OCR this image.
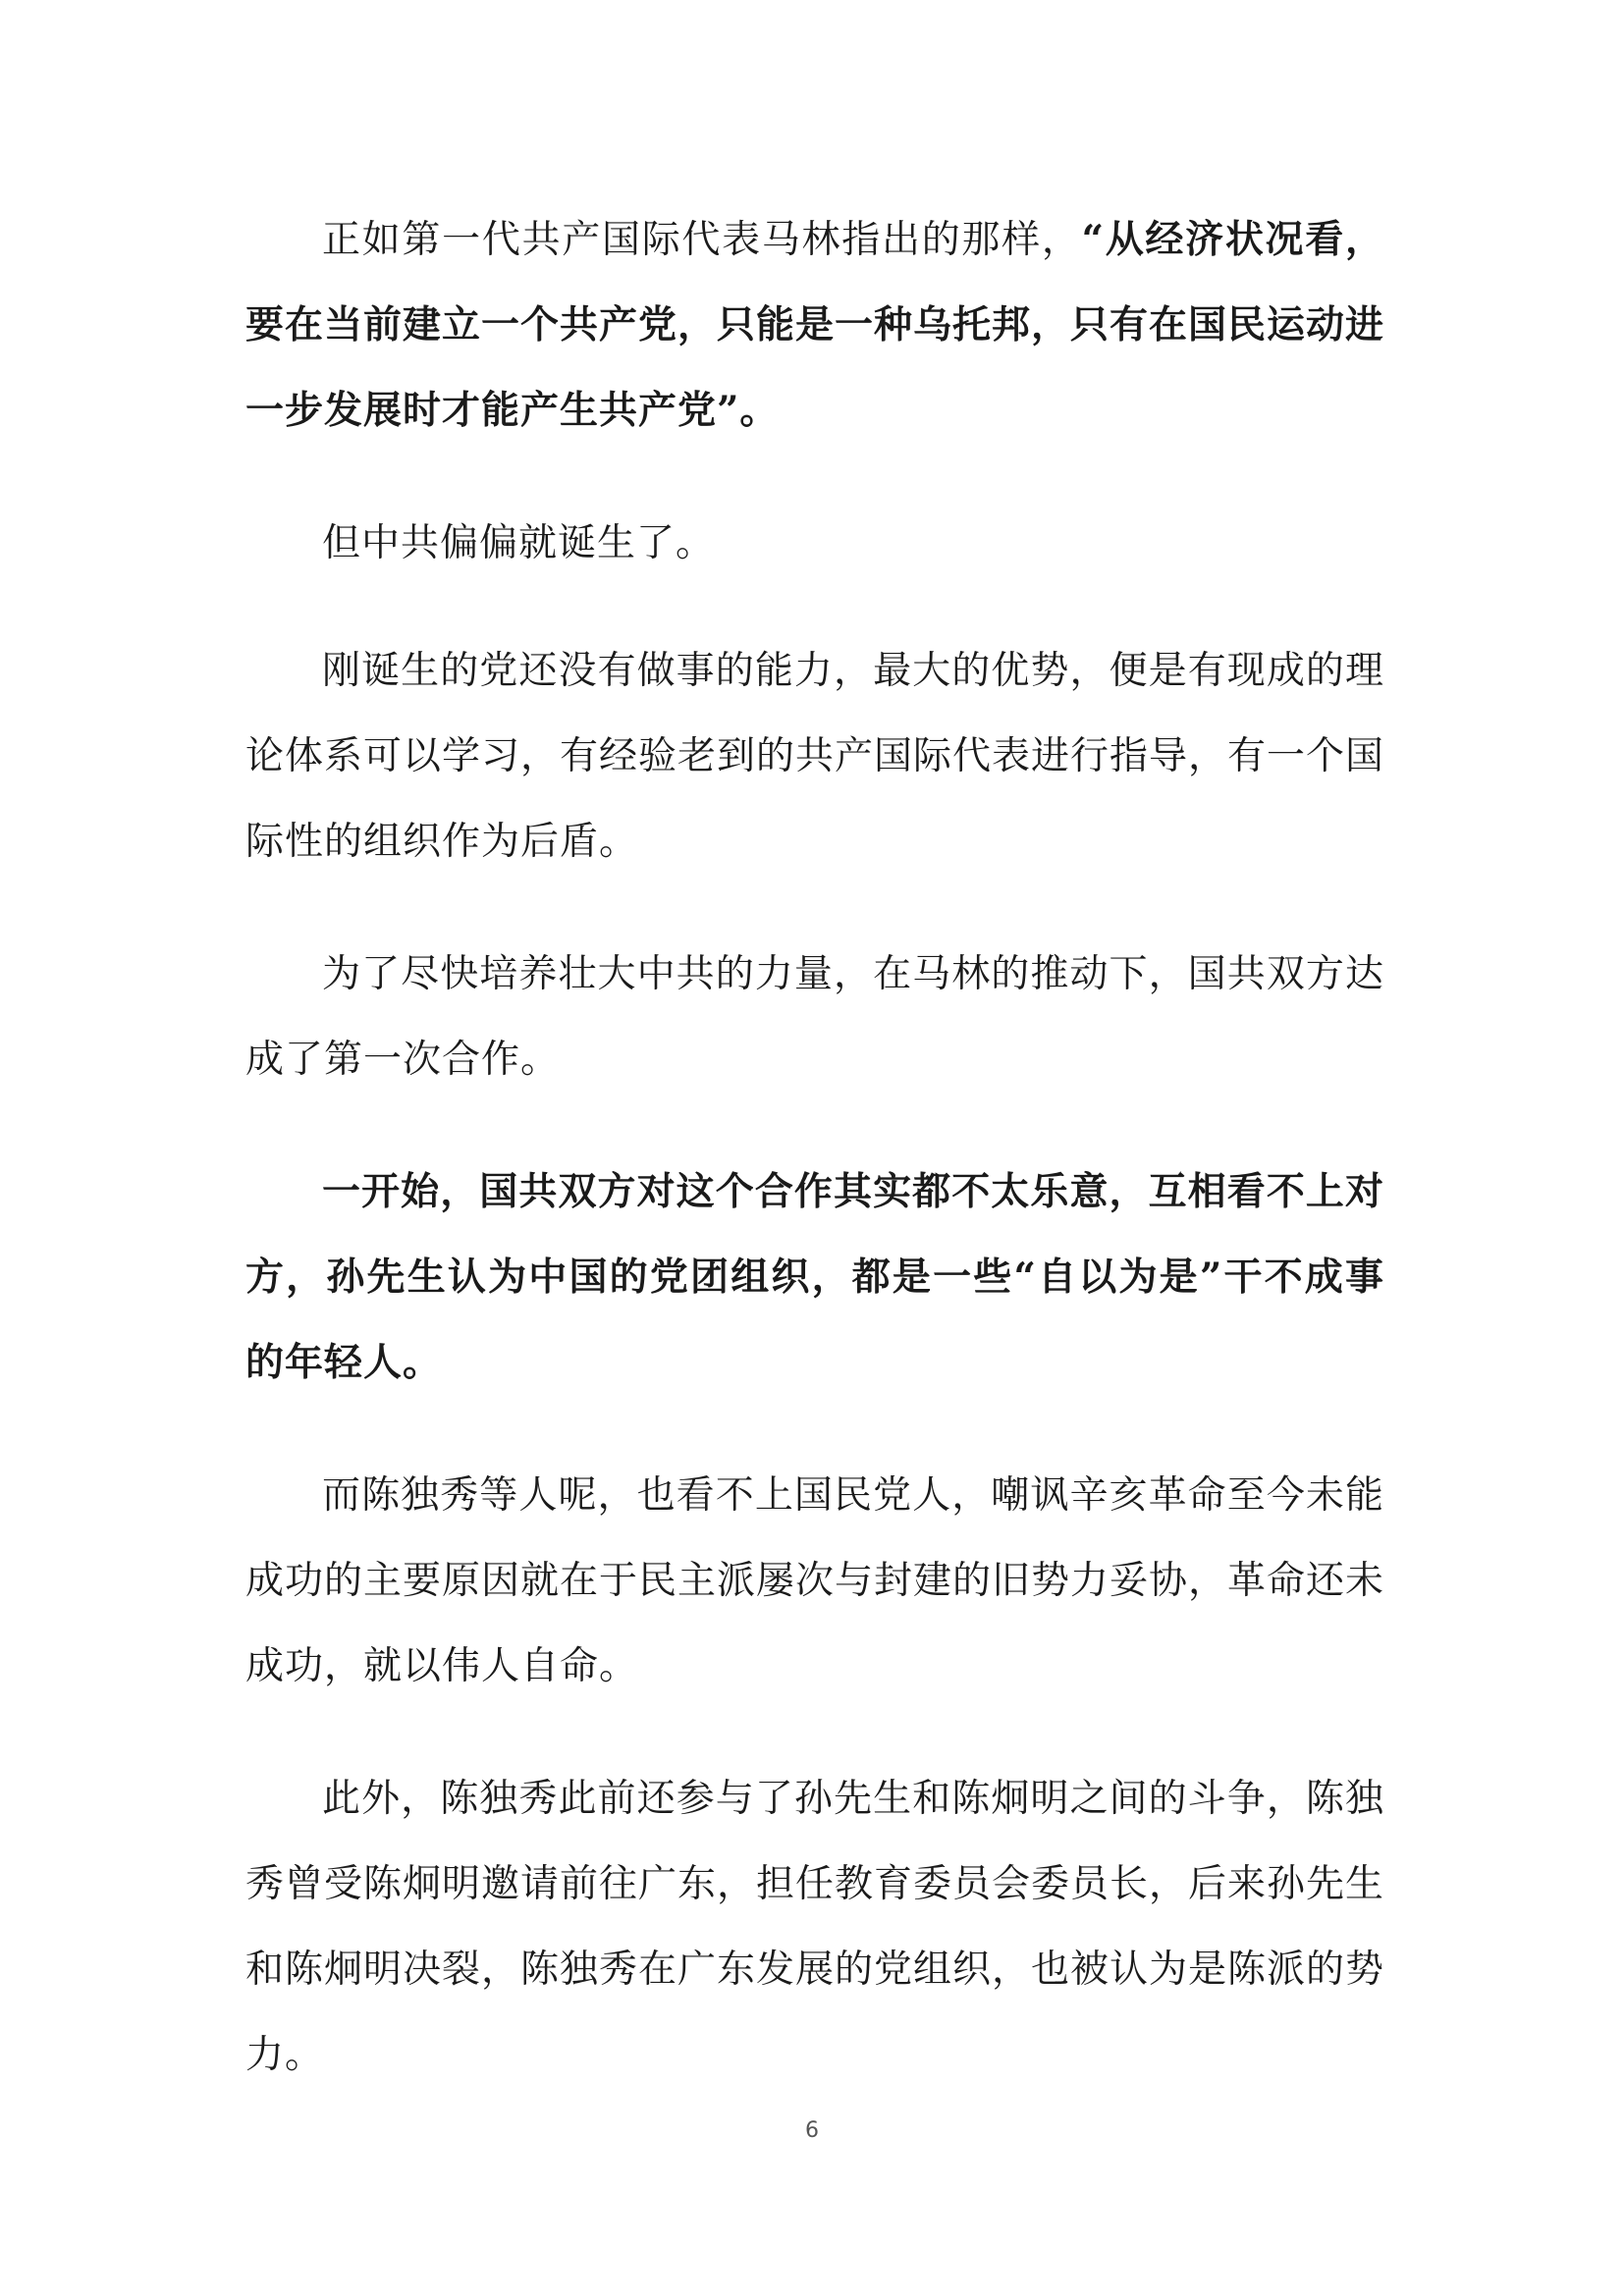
正如第一代共产国际代表马林指出的那样，“从经济状况看，要在当前建立一个共产党，只能是一种乌托邦，只有在国民运动进一步发展时才能产生共产党”。

但中共偏偏就诞生了。

刚诞生的党还没有做事的能力，最大的优势，便是有现成的理论体系可以学习，有经验老到的共产国际代表进行指导，有一个国际性的组织作为后盾。

为了尽快培养壮大中共的力量，在马林的推动下，国共双方达成了第一次合作。

一开始，国共双方对这个合作其实都不太乐意，互相看不上对方，孙先生认为中国的党团组织，都是一些“自以为是”干不成事的年轻人。

而陈独秀等人呢，也看不上国民党人，嘲讽辛亥革命至今未能成功的主要原因就在于民主派屡次与封建的旧势力妥协，革命还未成功，就以伟人自命。

此外，陈独秀此前还参与了孙先生和陈炯明之间的斗争，陈独秀曾受陈炯明邀请前往广东，担任教育委员会委员长，后来孙先生和陈炯明决裂，陈独秀在广东发展的党组织，也被认为是陈派的势力。

6
